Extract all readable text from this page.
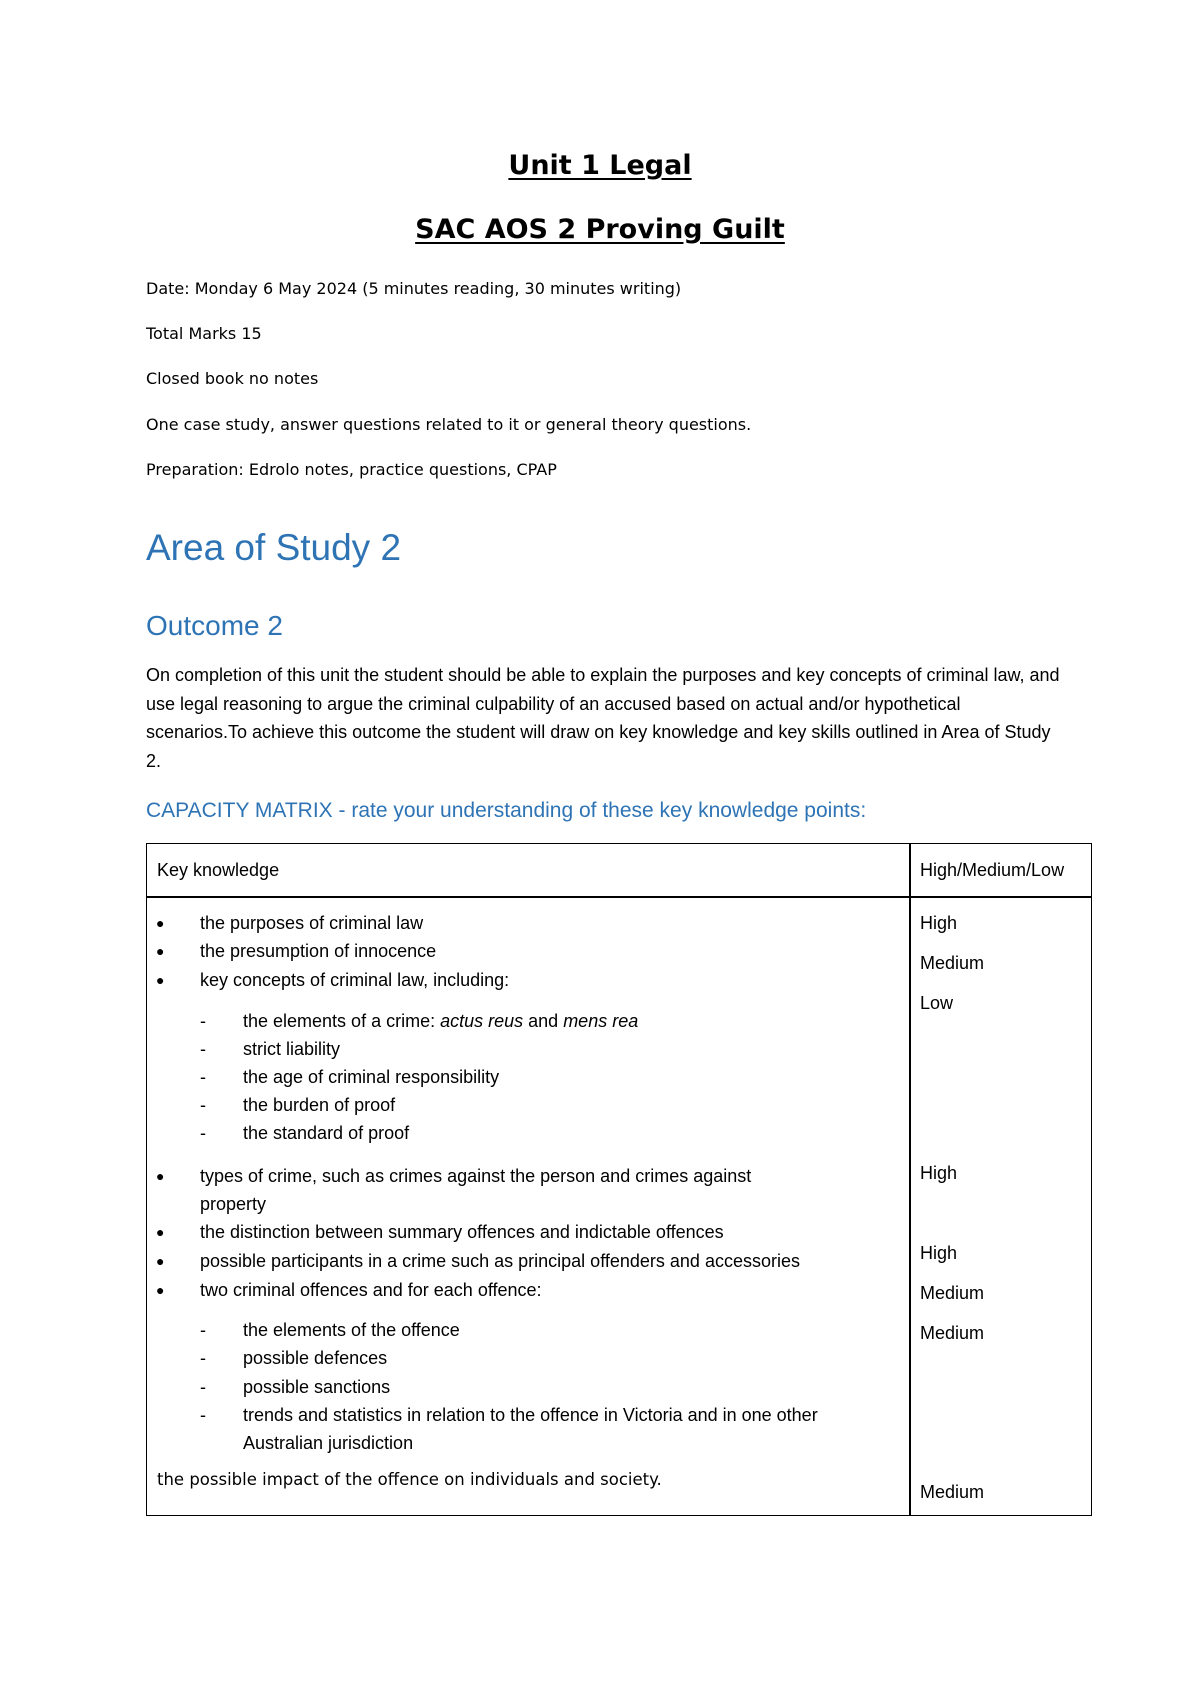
Unit 1 Legal
SAC AOS 2 Proving Guilt
Date: Monday 6 May 2024 (5 minutes reading, 30 minutes writing)
Total Marks 15
Closed book no notes
One case study, answer questions related to it or general theory questions.
Preparation: Edrolo notes, practice questions, CPAP
Area of Study 2
Outcome 2

On completion of this unit the student should be able to explain the purposes and key concepts of criminal law, and use legal reasoning to argue the criminal culpability of an accused based on actual and/or hypothetical scenarios.To achieve this outcome the student will draw on key knowledge and key skills outlined in Area of Study 2.

CAPACITY MATRIX - rate your understanding of these key knowledge points:
Key knowledge	High/Medium/Low
● the purposes of criminal law
● the presumption of innocence
● key concepts of criminal law, including:
- the elements of a crime: actus reus and mens rea
- strict liability
- the age of criminal responsibility
- the burden of proof
- the standard of proof
● types of crime, such as crimes against the person and crimes against
property
● the distinction between summary offences and indictable offences
● possible participants in a crime such as principal offenders and accessories
● two criminal offences and for each offence:
- the elements of the offence
- possible defences
- possible sanctions
- trends and statistics in relation to the offence in Victoria and in one other
Australian jurisdiction
the possible impact of the offence on individuals and society.
High
Medium
Low
High
High
Medium
Medium
Medium
